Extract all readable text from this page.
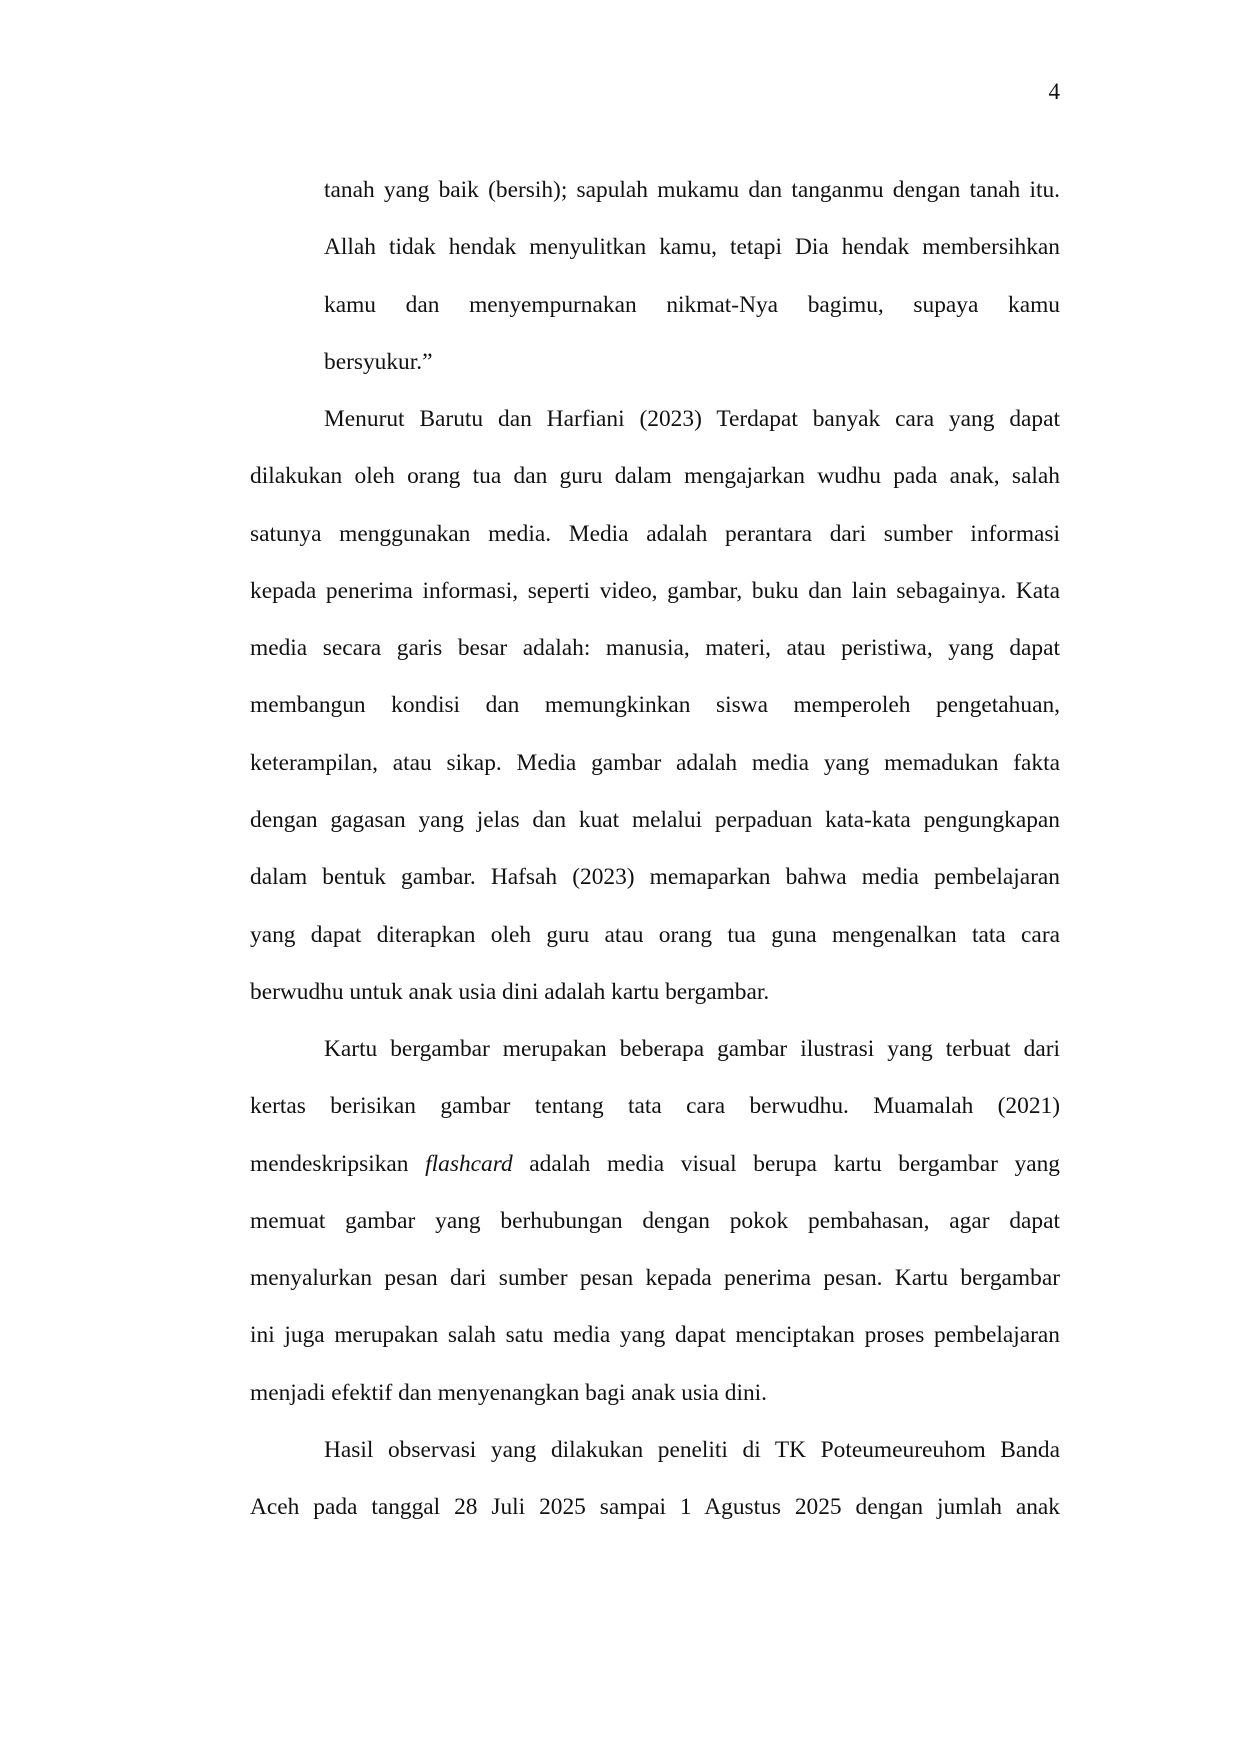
4
tanah yang baik (bersih); sapulah mukamu dan tanganmu dengan tanah itu.
Allah tidak hendak menyulitkan kamu, tetapi Dia hendak membersihkan
kamu dan menyempurnakan nikmat-Nya bagimu, supaya kamu
bersyukur.”
Menurut Barutu dan Harfiani (2023) Terdapat banyak cara yang dapat
dilakukan oleh orang tua dan guru dalam mengajarkan wudhu pada anak, salah
satunya menggunakan media. Media adalah perantara dari sumber informasi
kepada penerima informasi, seperti video, gambar, buku dan lain sebagainya. Kata
media secara garis besar adalah: manusia, materi, atau peristiwa, yang dapat
membangun kondisi dan memungkinkan siswa memperoleh pengetahuan,
keterampilan, atau sikap. Media gambar adalah media yang memadukan fakta
dengan gagasan yang jelas dan kuat melalui perpaduan kata-kata pengungkapan
dalam bentuk gambar. Hafsah (2023) memaparkan bahwa media pembelajaran
yang dapat diterapkan oleh guru atau orang tua guna mengenalkan tata cara
berwudhu untuk anak usia dini adalah kartu bergambar.
Kartu bergambar merupakan beberapa gambar ilustrasi yang terbuat dari
kertas berisikan gambar tentang tata cara berwudhu. Muamalah (2021)
mendeskripsikan flashcard adalah media visual berupa kartu bergambar yang
memuat gambar yang berhubungan dengan pokok pembahasan, agar dapat
menyalurkan pesan dari sumber pesan kepada penerima pesan. Kartu bergambar
ini juga merupakan salah satu media yang dapat menciptakan proses pembelajaran
menjadi efektif dan menyenangkan bagi anak usia dini.
Hasil observasi yang dilakukan peneliti di TK Poteumeureuhom Banda
Aceh pada tanggal 28 Juli 2025 sampai 1 Agustus 2025 dengan jumlah anak
